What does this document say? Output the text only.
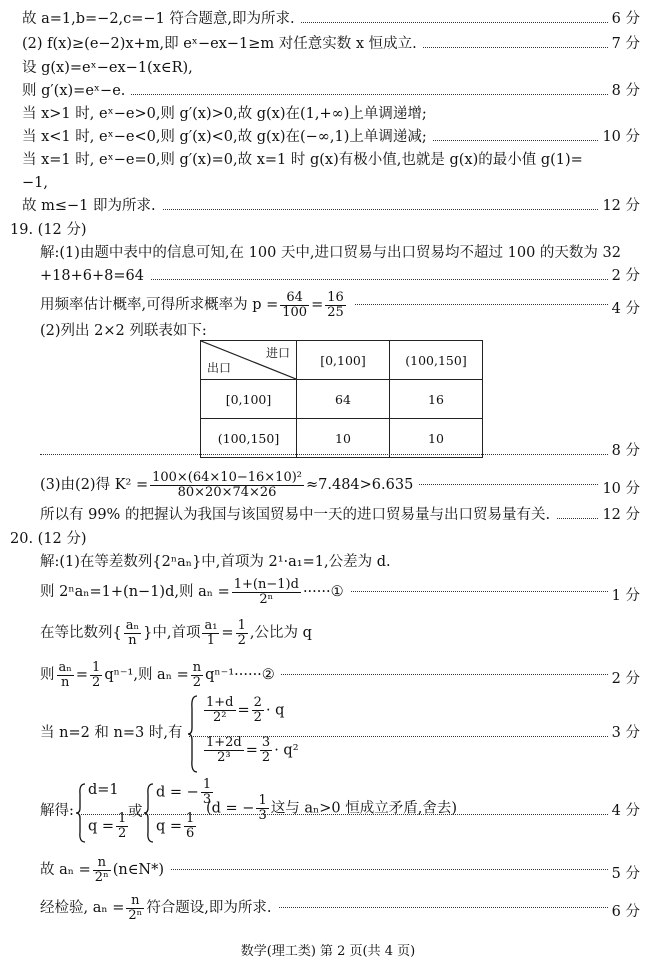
故 a=1,b=−2,c=−1 符合题意,即为所求.	6 分
(2) f(x)≥(e−2)x+m,即 eˣ−ex−1≥m 对任意实数 x 恒成立.	7 分
设 g(x)=eˣ−ex−1(x∈R),
则 g′(x)=eˣ−e.	8 分
当 x>1 时, eˣ−e>0,则 g′(x)>0,故 g(x)在(1,+∞)上单调递增;
当 x<1 时, eˣ−e<0,则 g′(x)<0,故 g(x)在(−∞,1)上单调递减;	10 分
当 x=1 时, eˣ−e=0,则 g′(x)=0,故 x=1 时 g(x)有极小值,也就是 g(x)的最小值 g(1)=
−1,
故 m≤−1 即为所求.	12 分
19. (12 分)
解:(1)由题中表中的信息可知,在 100 天中,进口贸易与出口贸易均不超过 100 的天数为 32
+18+6+8=64	2 分
用频率估计概率,可得所求概率为 $p = \frac{64}{100} = \frac{16}{25}$	4 分
(2)列出 2×2 列联表如下:
进口
出口	[0,100]	(100,150]
[0,100]	64	16
(100,150]	10	10
8 分
(3)由(2)得 $K^2 = \frac{\text{100×(64×10−16×10)²}}{80\times 20\times 74\times 26} \approx 7.484>6.635$	10 分
所以有 99% 的把握认为我国与该国贸易中一天的进口贸易量与出口贸易量有关.	12 分
20. (12 分)
解:(1)在等差数列{2ⁿaₙ}中,首项为 2¹·a₁=1,公差为 d.
则 2ⁿaₙ=1+(n−1)d,则 $a_n = \frac{1+(n-1)d}{\text{2ⁿ}}$ ······①	1 分
在等比数列{ $\frac{\text{aₙ}}{n}$ }中,首项 $\frac{\text{a₁}}{1} = \frac{1}{2}$ ,公比为 q
则 $\frac{\text{aₙ}}{n} = \frac{1}{2} q^{n-1}$,则 $a_n = \frac{n}{2}$ qⁿ⁻¹······②	2 分
当 n=2 和 n=3 时,有	3 分
$\frac{1+d}{\text{2²}} = \frac{2}{2} \cdot q$
$\frac{1+2d}{\text{2³}} = \frac{3}{2} \cdot q^2$
解得:	4 分
d=1
$q = \frac{1}{2}$ 或
d = − $\frac{1}{3}$
$q = \frac{1}{6}$
(d = − $\frac{1}{3}$ 这与 aₙ>0 恒成立矛盾,舍去)
故 $a_n = \frac{n}{\text{2ⁿ}}$ (n∈N*)	5 分
经检验, $a_n = \frac{n}{\text{2ⁿ}}$ 符合题设,即为所求.	6 分
数学(理工类) 第 2 页(共 4 页)
